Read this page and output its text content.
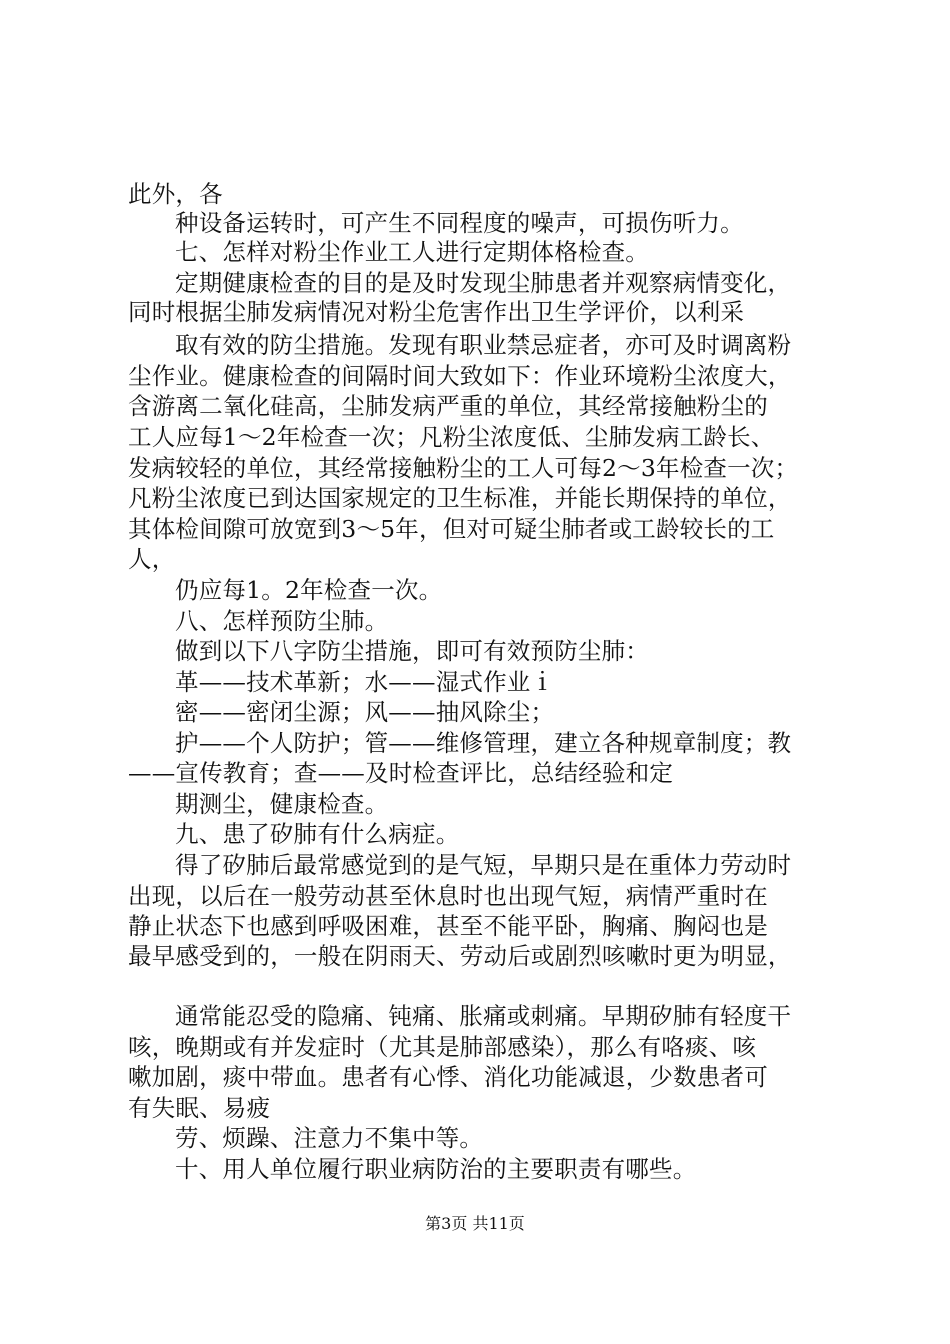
此外，各
种设备运转时，可产生不同程度的噪声，可损伤听力。
七、怎样对粉尘作业工人进行定期体格检查。
定期健康检查的目的是及时发现尘肺患者并观察病情变化，
同时根据尘肺发病情况对粉尘危害作出卫生学评价，以利采
取有效的防尘措施。发现有职业禁忌症者，亦可及时调离粉
尘作业。健康检查的间隔时间大致如下：作业环境粉尘浓度大，
含游离二氧化硅高，尘肺发病严重的单位，其经常接触粉尘的
工人应每1～2年检查一次；凡粉尘浓度低、尘肺发病工龄长、
发病较轻的单位，其经常接触粉尘的工人可每2～3年检查一次；
凡粉尘浓度已到达国家规定的卫生标准，并能长期保持的单位，
其体检间隙可放宽到3～5年，但对可疑尘肺者或工龄较长的工
人，
仍应每1。2年检查一次。
八、怎样预防尘肺。
做到以下八字防尘措施，即可有效预防尘肺：
革——技术革新；水——湿式作业ｉ
密——密闭尘源；风——抽风除尘；
护——个人防护；管——维修管理，建立各种规章制度；教
——宣传教育；查——及时检查评比，总结经验和定
期测尘，健康检查。
九、患了矽肺有什么病症。
得了矽肺后最常感觉到的是气短，早期只是在重体力劳动时
出现，以后在一般劳动甚至休息时也出现气短，病情严重时在
静止状态下也感到呼吸困难，甚至不能平卧，胸痛、胸闷也是
最早感受到的，一般在阴雨天、劳动后或剧烈咳嗽时更为明显，
通常能忍受的隐痛、钝痛、胀痛或刺痛。早期矽肺有轻度干
咳，晚期或有并发症时（尤其是肺部感染），那么有咯痰、咳
嗽加剧，痰中带血。患者有心悸、消化功能减退，少数患者可
有失眠、易疲
劳、烦躁、注意力不集中等。
十、用人单位履行职业病防治的主要职责有哪些。
第3页 共11页
